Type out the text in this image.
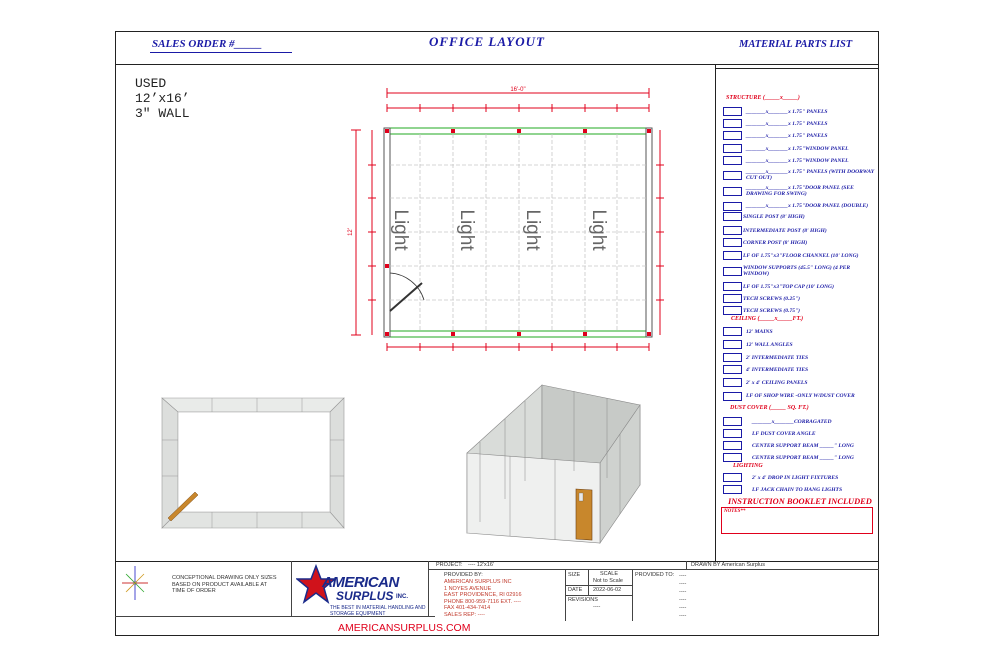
SALES ORDER #_____	OFFICE LAYOUT	MATERIAL PARTS LIST
USED
12’x16’
3" WALL
16'-0"
12' Light Light Light Light
STRUCTURE (_____x_____)
_______x_______x 1.75" PANELS
_______x_______x 1.75" PANELS
_______x_______x 1.75" PANELS
_______x_______x 1.75"WINDOW PANEL
_______x_______x 1.75"WINDOW PANEL
_______x_______x 1.75" PANELS (WITH DOORWAY CUT OUT)
_______x_______x 1.75"DOOR PANEL (SEE DRAWING FOR SWING)
_______x_______x 1.75"DOOR PANEL (DOUBLE)
SINGLE POST (8' HIGH)
INTERMEDIATE POST (8' HIGH)
CORNER POST (8' HIGH)
LF OF 1.75"x3"FLOOR CHANNEL (10' LONG)
WINDOW SUPPORTS (45.5" LONG) (4 PER WINDOW)
LF OF 1.75"x3"TOP CAP (10' LONG)
TECH SCREWS (0.25")
TECH SCREWS (0.75")
CEILING (_____x_____FT.)
12' MAINS
12' WALL ANGLES
2' INTERMEDIATE TIES
4' INTERMEDIATE TIES
2' x 4' CEILING PANELS
LF OF SHOP WIRE -ONLY W/DUST COVER
DUST COVER (_____ SQ. FT.)
_______x_______CORRAGATED
LF DUST COVER ANGLE
CENTER SUPPORT BEAM _____" LONG
CENTER SUPPORT BEAM _____" LONG
LIGHTING
2' x 4' DROP IN LIGHT FIXTURES
LF JACK CHAIN TO HANG LIGHTS
INSTRUCTION BOOKLET INCLUDED
NOTES**
CONCEPTIONAL DRAWING ONLY SIZES BASED ON PRODUCT AVAILABLE AT TIME OF ORDER	AMERICAN
SURPLUS INC.
THE BEST IN MATERIAL HANDLING AND STORAGE EQUIPMENT
AMERICANSURPLUS.COM
PROJECT: ---- 12'x16'	DRAWN BY American Surplus
PROVIDED BY:
AMERICAN SURPLUS INC
1 NOYES AVENUE
EAST PROVIDENCE, RI 02916
PHONE 800-959-7116 EXT. ----
FAX 401-434-7414
SALES REP: ----
SIZE	SCALE
Not to Scale
DATE 2022-06-02
REVISIONS
----
PROVIDED TO: ----
----
----
----
----
----
